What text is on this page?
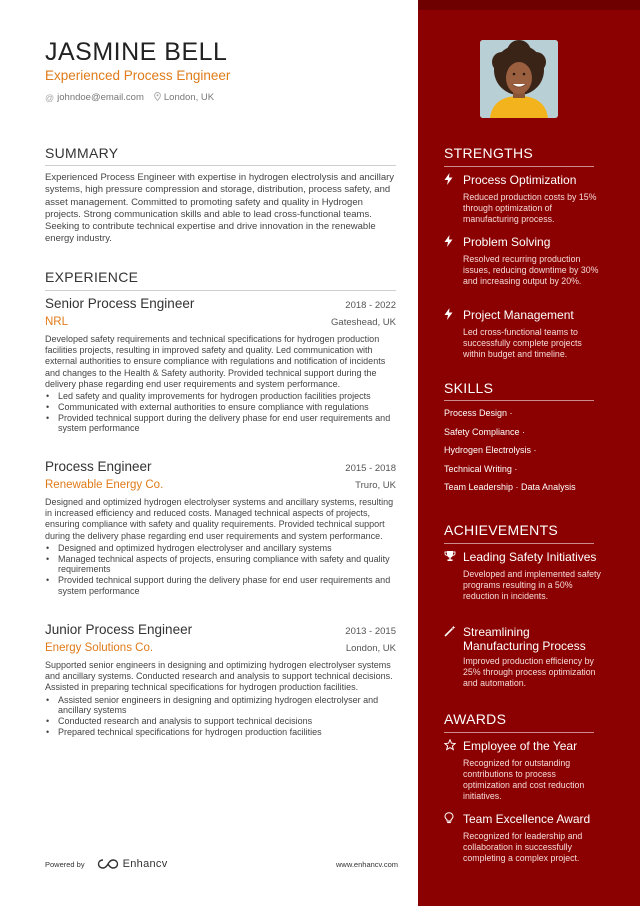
JASMINE BELL
Experienced Process Engineer
@ johndoe@email.com London, UK
SUMMARY
Experienced Process Engineer with expertise in hydrogen electrolysis and ancillary systems, high pressure compression and storage, distribution, process safety, and asset management. Committed to promoting safety and quality in Hydrogen projects. Strong communication skills and able to lead cross-functional teams. Seeking to contribute technical expertise and drive innovation in the renewable energy industry.
EXPERIENCE
Senior Process Engineer	2018 - 2022
NRL	Gateshead, UK
Developed safety requirements and technical specifications for hydrogen production facilities projects, resulting in improved safety and quality. Led communication with external authorities to ensure compliance with regulations and notification of incidents and changes to the Health & Safety authority. Provided technical support during the delivery phase regarding end user requirements and system performance.
• Led safety and quality improvements for hydrogen production facilities projects
• Communicated with external authorities to ensure compliance with regulations
• Provided technical support during the delivery phase for end user requirements and system performance
Process Engineer	2015 - 2018
Renewable Energy Co.	Truro, UK
Designed and optimized hydrogen electrolyser systems and ancillary systems, resulting in increased efficiency and reduced costs. Managed technical aspects of projects, ensuring compliance with safety and quality requirements. Provided technical support during the delivery phase regarding end user requirements and system performance.
• Designed and optimized hydrogen electrolyser and ancillary systems
• Managed technical aspects of projects, ensuring compliance with safety and quality requirements
• Provided technical support during the delivery phase for end user requirements and system performance
Junior Process Engineer	2013 - 2015
Energy Solutions Co.	London, UK
Supported senior engineers in designing and optimizing hydrogen electrolyser systems and ancillary systems. Conducted research and analysis to support technical decisions. Assisted in preparing technical specifications for hydrogen production facilities.
• Assisted senior engineers in designing and optimizing hydrogen electrolyser and ancillary systems
• Conducted research and analysis to support technical decisions
• Prepared technical specifications for hydrogen production facilities
Powered by	Enhancv	www.enhancv.com
STRENGTHS
Process Optimization
Reduced production costs by 15% through optimization of manufacturing process.
Problem Solving
Resolved recurring production issues, reducing downtime by 30% and increasing output by 20%.
Project Management
Led cross-functional teams to successfully complete projects within budget and timeline.
SKILLS
Process Design ·
Safety Compliance ·
Hydrogen Electrolysis ·
Technical Writing ·
Team Leadership · Data Analysis
ACHIEVEMENTS
Leading Safety Initiatives
Developed and implemented safety programs resulting in a 50% reduction in incidents.
Streamlining Manufacturing Process
Improved production efficiency by 25% through process optimization and automation.
AWARDS
Employee of the Year
Recognized for outstanding contributions to process optimization and cost reduction initiatives.
Team Excellence Award
Recognized for leadership and collaboration in successfully completing a complex project.
